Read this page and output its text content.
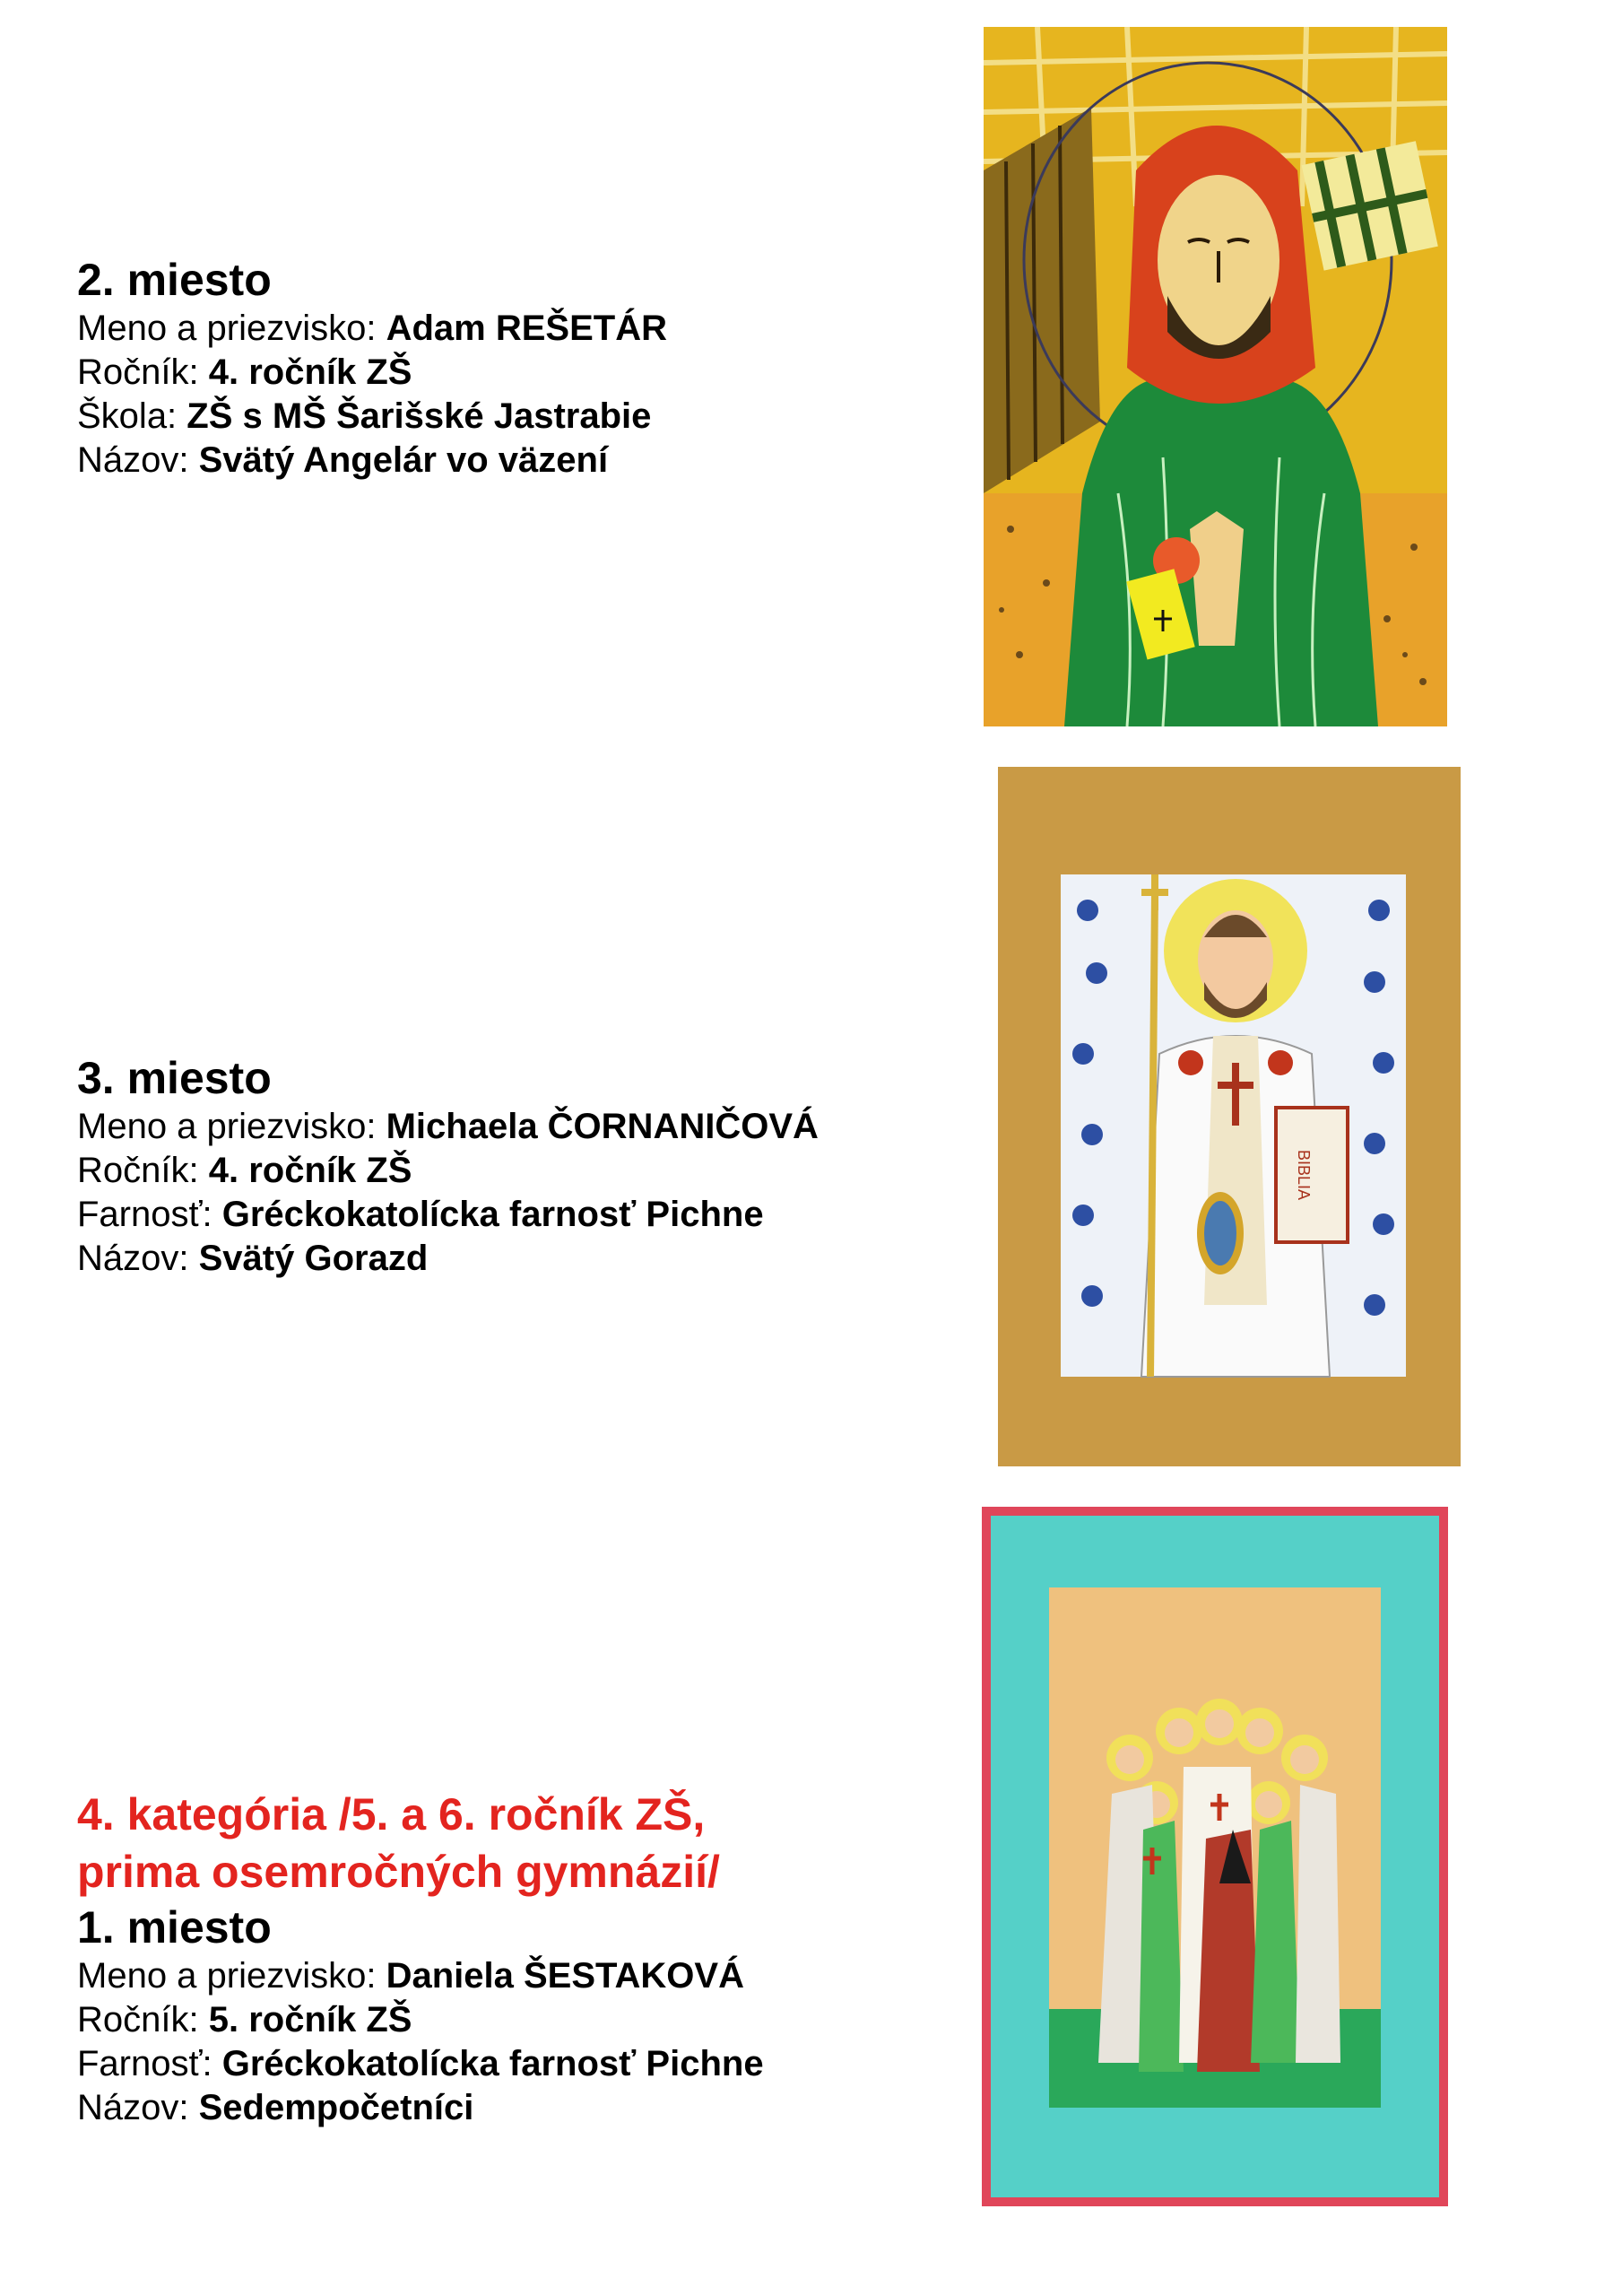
2. miesto
Meno a priezvisko: Adam REŠETÁR
Ročník: 4. ročník ZŠ
Škola: ZŠ s MŠ Šarišské Jastrabie
Názov: Svätý Angelár vo väzení
3. miesto
Meno a priezvisko: Michaela ČORNANIČOVÁ
Ročník: 4. ročník ZŠ
Farnosť: Gréckokatolícka farnosť Pichne
Názov: Svätý Gorazd
4. kategória /5. a 6. ročník ZŠ,
prima osemročných gymnázií/
1. miesto
Meno a priezvisko: Daniela ŠESTAKOVÁ
Ročník: 5. ročník ZŠ
Farnosť: Gréckokatolícka farnosť Pichne
Názov: Sedempočetníci
BIBLIA
